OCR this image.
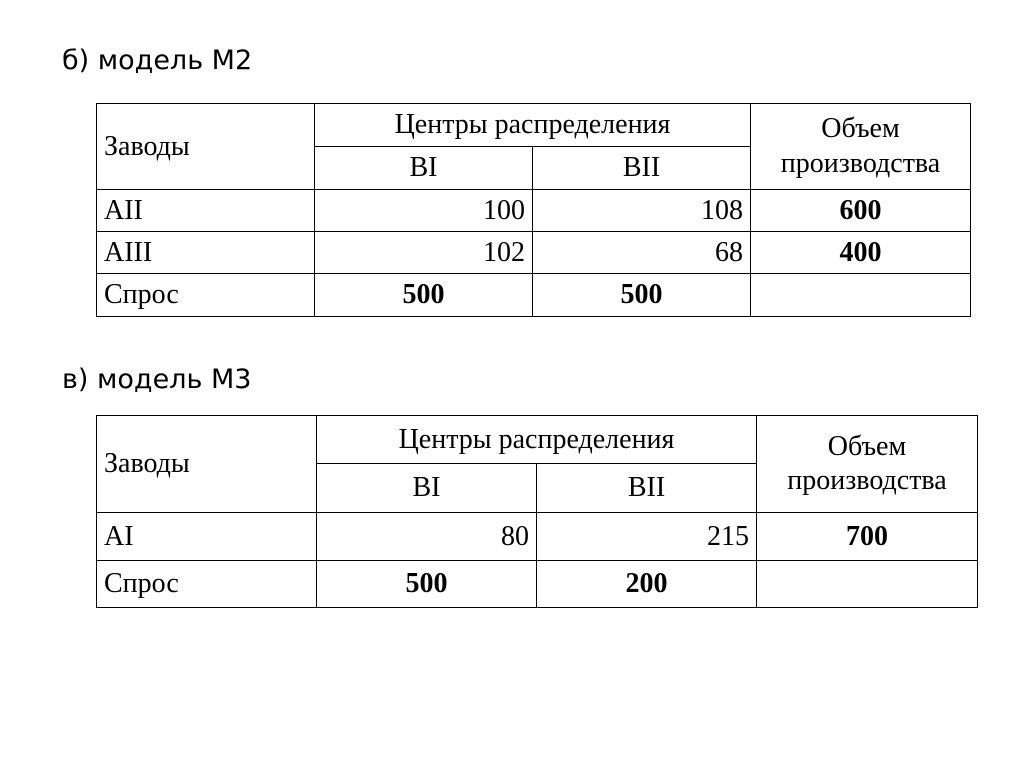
б) модель М2
Заводы	Центры распределения		Объем
производства

	BI	BII	
AII	100	108	600
AIII	102	68	400
Спрос	500	500	
в) модель М3
Заводы	Центры распределения		Объем
производства

	BI	BII	
AI	80	215	700
Спрос	500	200	
